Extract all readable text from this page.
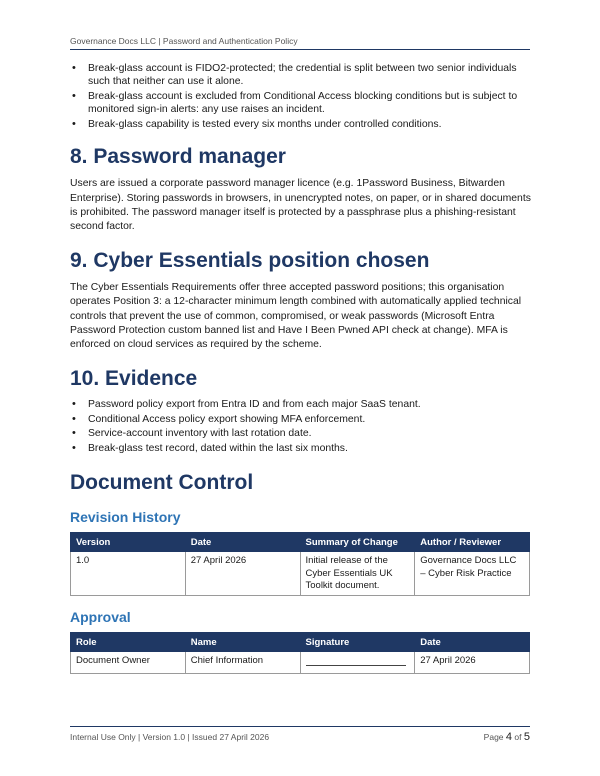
Governance Docs LLC | Password and Authentication Policy
• Break-glass account is FIDO2-protected; the credential is split between two senior individuals such that neither can use it alone.
• Break-glass account is excluded from Conditional Access blocking conditions but is subject to monitored sign-in alerts: any use raises an incident.
• Break-glass capability is tested every six months under controlled conditions.
8. Password manager

Users are issued a corporate password manager licence (e.g. 1Password Business, Bitwarden Enterprise). Storing passwords in browsers, in unencrypted notes, on paper, or in shared documents is prohibited. The password manager itself is protected by a passphrase plus a phishing-resistant second factor.

9. Cyber Essentials position chosen

The Cyber Essentials Requirements offer three accepted password positions; this organisation operates Position 3: a 12-character minimum length combined with automatically applied technical controls that prevent the use of common, compromised, or weak passwords (Microsoft Entra Password Protection custom banned list and Have I Been Pwned API check at change). MFA is enforced on cloud services as required by the scheme.

10. Evidence
• Password policy export from Entra ID and from each major SaaS tenant.
• Conditional Access policy export showing MFA enforcement.
• Service-account inventory with last rotation date.
• Break-glass test record, dated within the last six months.
Document Control
Revision History
Version	Date	Summary of Change	Author / Reviewer
1.0	27 April 2026	Initial release of the Cyber Essentials UK Toolkit document.	Governance Docs LLC – Cyber Risk Practice
Approval
Role	Name	Signature	Date
Document Owner	Chief Information		27 April 2026
Internal Use Only | Version 1.0 | Issued 27 April 2026	Page 4 of 5
